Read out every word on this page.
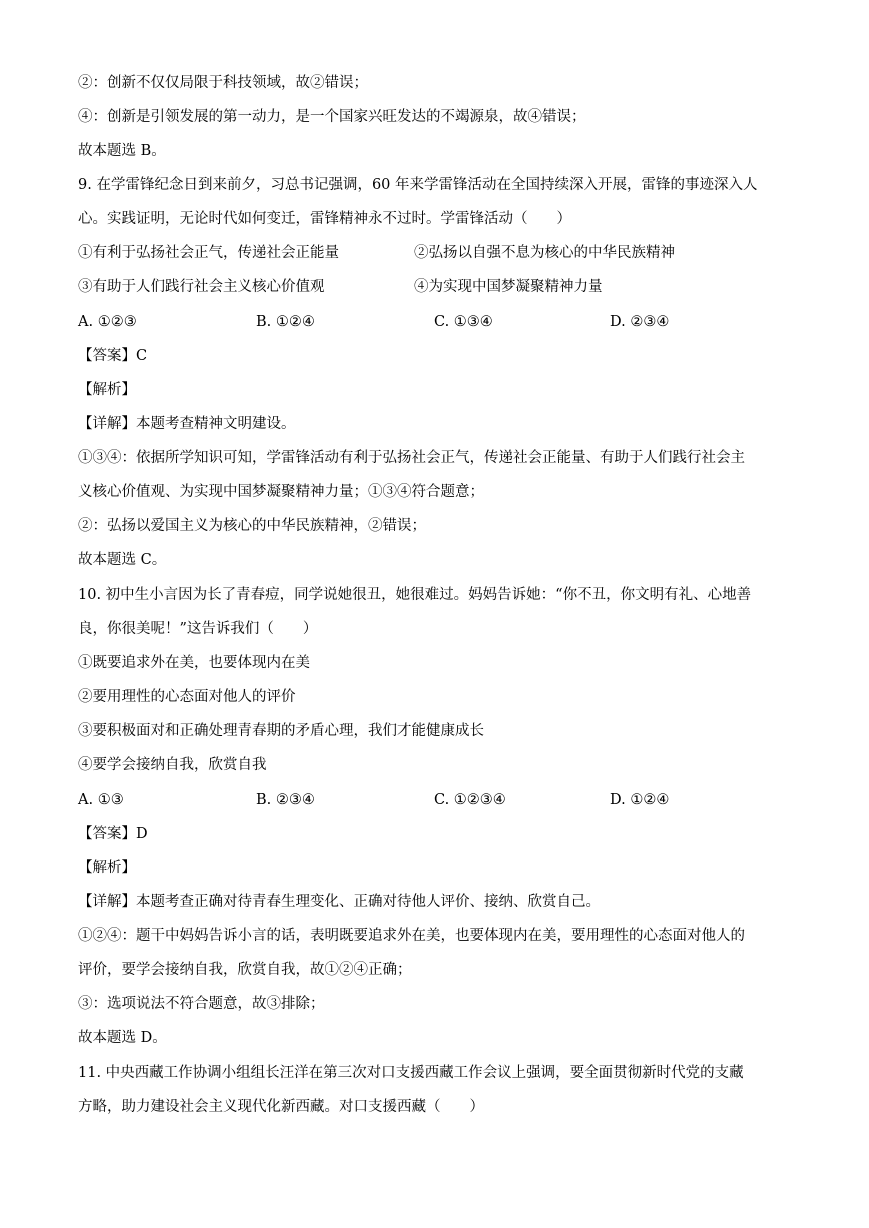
②：创新不仅仅局限于科技领域，故②错误；
④：创新是引领发展的第一动力，是一个国家兴旺发达的不竭源泉，故④错误；
故本题选 B。
9. 在学雷锋纪念日到来前夕，习总书记强调，60 年来学雷锋活动在全国持续深入开展，雷锋的事迹深入人
心。实践证明，无论时代如何变迁，雷锋精神永不过时。学雷锋活动（　　）
①有利于弘扬社会正气，传递社会正能量	②弘扬以自强不息为核心的中华民族精神
③有助于人们践行社会主义核心价值观	④为实现中国梦凝聚精神力量
A. ①②③	B. ①②④	C. ①③④	D. ②③④
【答案】C
【解析】
【详解】本题考查精神文明建设。
①③④：依据所学知识可知，学雷锋活动有利于弘扬社会正气，传递社会正能量、有助于人们践行社会主
义核心价值观、为实现中国梦凝聚精神力量；①③④符合题意；
②：弘扬以爱国主义为核心的中华民族精神，②错误；
故本题选 C。
10. 初中生小言因为长了青春痘，同学说她很丑，她很难过。妈妈告诉她：“你不丑，你文明有礼、心地善
良，你很美呢！”这告诉我们（　　）
①既要追求外在美，也要体现内在美
②要用理性的心态面对他人的评价
③要积极面对和正确处理青春期的矛盾心理，我们才能健康成长
④要学会接纳自我，欣赏自我
A. ①③	B. ②③④	C. ①②③④	D. ①②④
【答案】D
【解析】
【详解】本题考查正确对待青春生理变化、正确对待他人评价、接纳、欣赏自己。
①②④：题干中妈妈告诉小言的话，表明既要追求外在美，也要体现内在美，要用理性的心态面对他人的
评价，要学会接纳自我，欣赏自我，故①②④正确；
③：选项说法不符合题意，故③排除；
故本题选 D。
11. 中央西藏工作协调小组组长汪洋在第三次对口支援西藏工作会议上强调，要全面贯彻新时代党的支藏
方略，助力建设社会主义现代化新西藏。对口支援西藏（　　）
